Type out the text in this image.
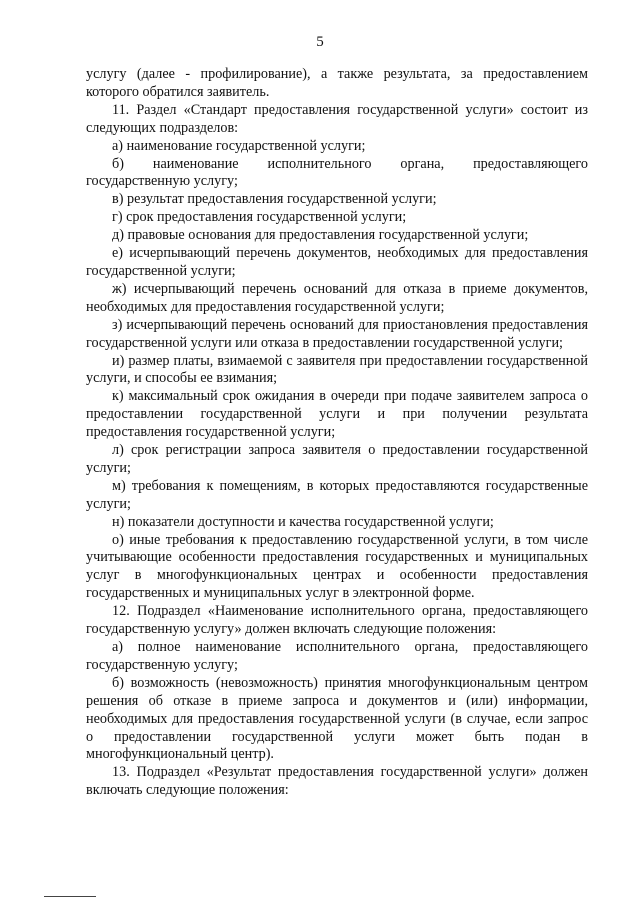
5

услугу (далее - профилирование), а также результата, за предоставлением которого обратился заявитель.

11. Раздел «Стандарт предоставления государственной услуги» состоит из следующих подразделов:

а) наименование государственной услуги;

б) наименование исполнительного органа, предоставляющего государственную услугу;

в) результат предоставления государственной услуги;

г) срок предоставления государственной услуги;

д) правовые основания для предоставления государственной услуги;

е) исчерпывающий перечень документов, необходимых для предоставления государственной услуги;

ж) исчерпывающий перечень оснований для отказа в приеме документов, необходимых для предоставления государственной услуги;

з) исчерпывающий перечень оснований для приостановления предоставления государственной услуги или отказа в предоставлении государственной услуги;

и) размер платы, взимаемой с заявителя при предоставлении государственной услуги, и способы ее взимания;

к) максимальный срок ожидания в очереди при подаче заявителем запроса о предоставлении государственной услуги и при получении результата предоставления государственной услуги;

л) срок регистрации запроса заявителя о предоставлении государственной услуги;

м) требования к помещениям, в которых предоставляются государственные услуги;

н) показатели доступности и качества государственной услуги;

о) иные требования к предоставлению государственной услуги, в том числе учитывающие особенности предоставления государственных и муниципальных услуг в многофункциональных центрах и особенности предоставления государственных и муниципальных услуг в электронной форме.

12. Подраздел «Наименование исполнительного органа, предоставляющего государственную услугу» должен включать следующие положения:

а) полное наименование исполнительного органа, предоставляющего государственную услугу;

б) возможность (невозможность) принятия многофункциональным центром решения об отказе в приеме запроса и документов и (или) информации, необходимых для предоставления государственной услуги (в случае, если запрос о предоставлении государственной услуги может быть подан в многофункциональный центр).

13. Подраздел «Результат предоставления государственной услуги» должен включать следующие положения:
